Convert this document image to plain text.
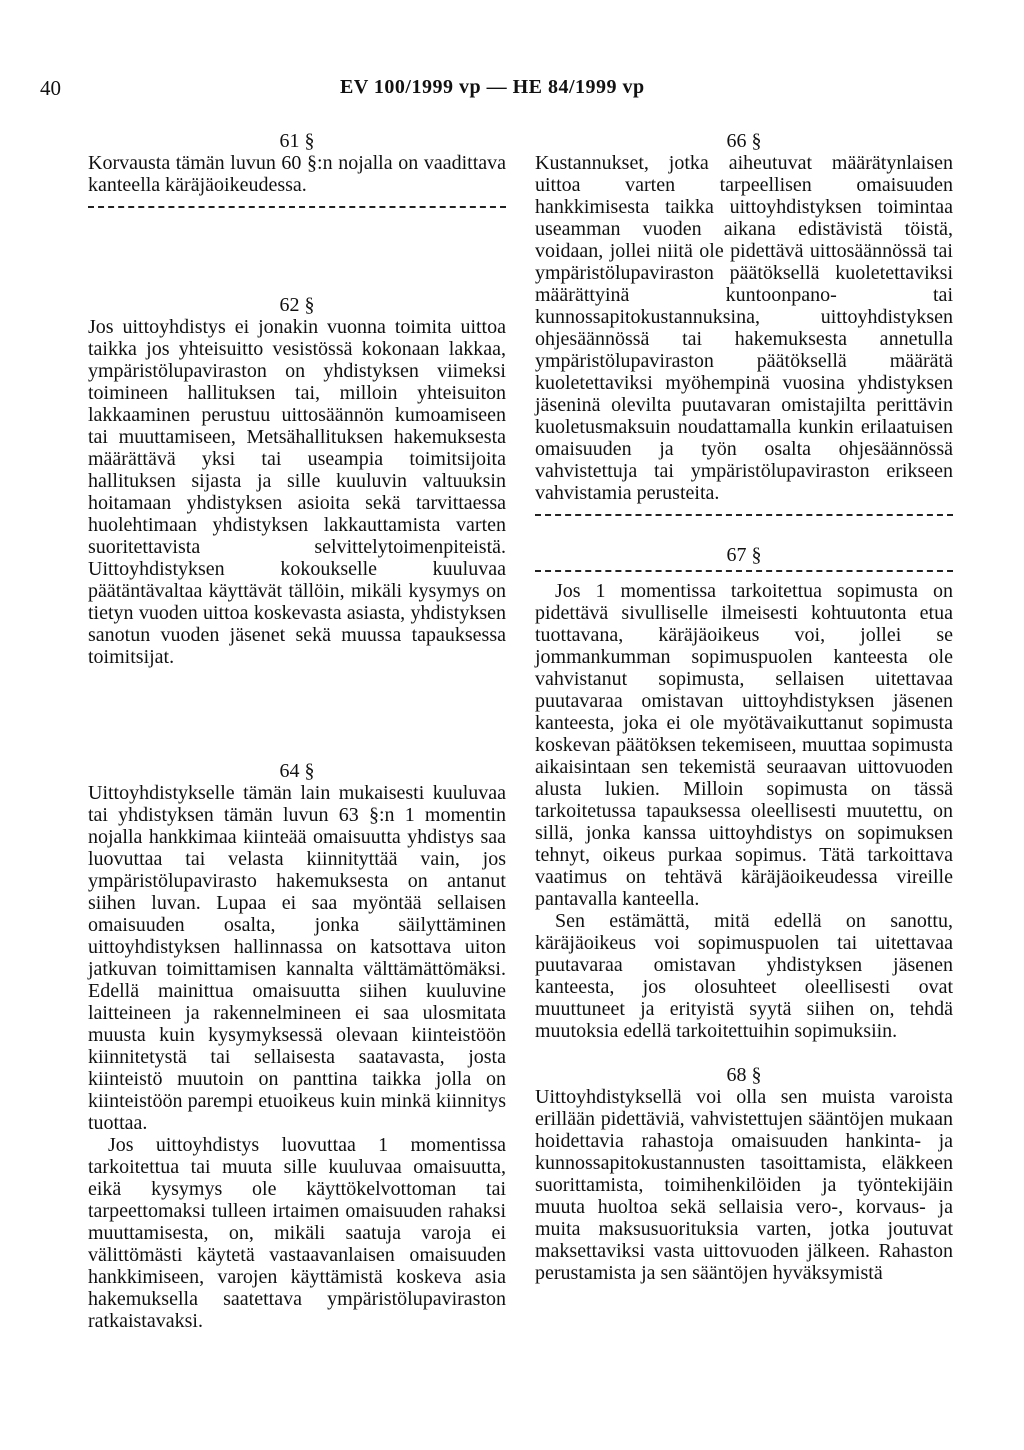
40	EV 100/1999 vp — HE 84/1999 vp

61 §

Korvausta tämän luvun 60 §:n nojalla on vaadittava kanteella käräjäoikeudessa.

62 §

Jos uittoyhdistys ei jonakin vuonna toimita uittoa taikka jos yhteisuitto vesistössä kokonaan lakkaa, ympäristölupaviraston on yhdistyksen viimeksi toimineen hallituksen tai, milloin yhteisuiton lakkaaminen perustuu uittosäännön kumoamiseen tai muuttamiseen, Metsähallituksen hakemuksesta määrättävä yksi tai useampia toimitsijoita hallituksen sijasta ja sille kuuluvin valtuuksin hoitamaan yhdistyksen asioita sekä tarvittaessa huolehtimaan yhdistyksen lakkauttamista varten suoritettavista selvittelytoimenpiteistä. Uittoyhdistyksen kokoukselle kuuluvaa päätäntävaltaa käyttävät tällöin, mikäli kysymys on tietyn vuoden uittoa koskevasta asiasta, yhdistyksen sanotun vuoden jäsenet sekä muussa tapauksessa toimitsijat.

64 §

Uittoyhdistykselle tämän lain mukaisesti kuuluvaa tai yhdistyksen tämän luvun 63 §:n 1 momentin nojalla hankkimaa kiinteää omaisuutta yhdistys saa luovuttaa tai velasta kiinnityttää vain, jos ympäristölupavirasto hakemuksesta on antanut siihen luvan. Lupaa ei saa myöntää sellaisen omaisuuden osalta, jonka säilyttäminen uittoyhdistyksen hallinnassa on katsottava uiton jatkuvan toimittamisen kannalta välttämättömäksi. Edellä mainittua omaisuutta siihen kuuluvine laitteineen ja rakennelmineen ei saa ulosmitata muusta kuin kysymyksessä olevaan kiinteistöön kiinnitetystä tai sellaisesta saatavasta, josta kiinteistö muutoin on panttina taikka jolla on kiinteistöön parempi etuoikeus kuin minkä kiinnitys tuottaa.

Jos uittoyhdistys luovuttaa 1 momentissa tarkoitettua tai muuta sille kuuluvaa omaisuutta, eikä kysymys ole käyttökelvottoman tai tarpeettomaksi tulleen irtaimen omaisuuden rahaksi muuttamisesta, on, mikäli saatuja varoja ei välittömästi käytetä vastaavanlaisen omaisuuden hankkimiseen, varojen käyttämistä koskeva asia hakemuksella saatettava ympäristölupaviraston ratkaistavaksi.

66 §

Kustannukset, jotka aiheutuvat määrätynlaisen uittoa varten tarpeellisen omaisuuden hankkimisesta taikka uittoyhdistyksen toimintaa useamman vuoden aikana edistävistä töistä, voidaan, jollei niitä ole pidettävä uittosäännössä tai ympäristölupaviraston päätöksellä kuoletettaviksi määrättyinä kuntoonpano- tai kunnossapitokustannuksina, uittoyhdistyksen ohjesäännössä tai hakemuksesta annetulla ympäristölupaviraston päätöksellä määrätä kuoletettaviksi myöhempinä vuosina yhdistyksen jäseninä olevilta puutavaran omistajilta perittävin kuoletusmaksuin noudattamalla kunkin erilaatuisen omaisuuden ja työn osalta ohjesäännössä vahvistettuja tai ympäristölupaviraston erikseen vahvistamia perusteita.

67 §

Jos 1 momentissa tarkoitettua sopimusta on pidettävä sivulliselle ilmeisesti kohtuutonta etua tuottavana, käräjäoikeus voi, jollei se jommankumman sopimuspuolen kanteesta ole vahvistanut sopimusta, sellaisen uitettavaa puutavaraa omistavan uittoyhdistyksen jäsenen kanteesta, joka ei ole myötävaikuttanut sopimusta koskevan päätöksen tekemiseen, muuttaa sopimusta aikaisintaan sen tekemistä seuraavan uittovuoden alusta lukien. Milloin sopimusta on tässä tarkoitetussa tapauksessa oleellisesti muutettu, on sillä, jonka kanssa uittoyhdistys on sopimuksen tehnyt, oikeus purkaa sopimus. Tätä tarkoittava vaatimus on tehtävä käräjäoikeudessa vireille pantavalla kanteella.

Sen estämättä, mitä edellä on sanottu, käräjäoikeus voi sopimuspuolen tai uitettavaa puutavaraa omistavan yhdistyksen jäsenen kanteesta, jos olosuhteet oleellisesti ovat muuttuneet ja erityistä syytä siihen on, tehdä muutoksia edellä tarkoitettuihin sopimuksiin.

68 §

Uittoyhdistyksellä voi olla sen muista varoista erillään pidettäviä, vahvistettujen sääntöjen mukaan hoidettavia rahastoja omaisuuden hankinta- ja kunnossapitokustannusten tasoittamista, eläkkeen suorittamista, toimihenkilöiden ja työntekijäin muuta huoltoa sekä sellaisia vero-, korvaus- ja muita maksusuorituksia varten, jotka joutuvat maksettaviksi vasta uittovuoden jälkeen. Rahaston perustamista ja sen sääntöjen hyväksymistä
